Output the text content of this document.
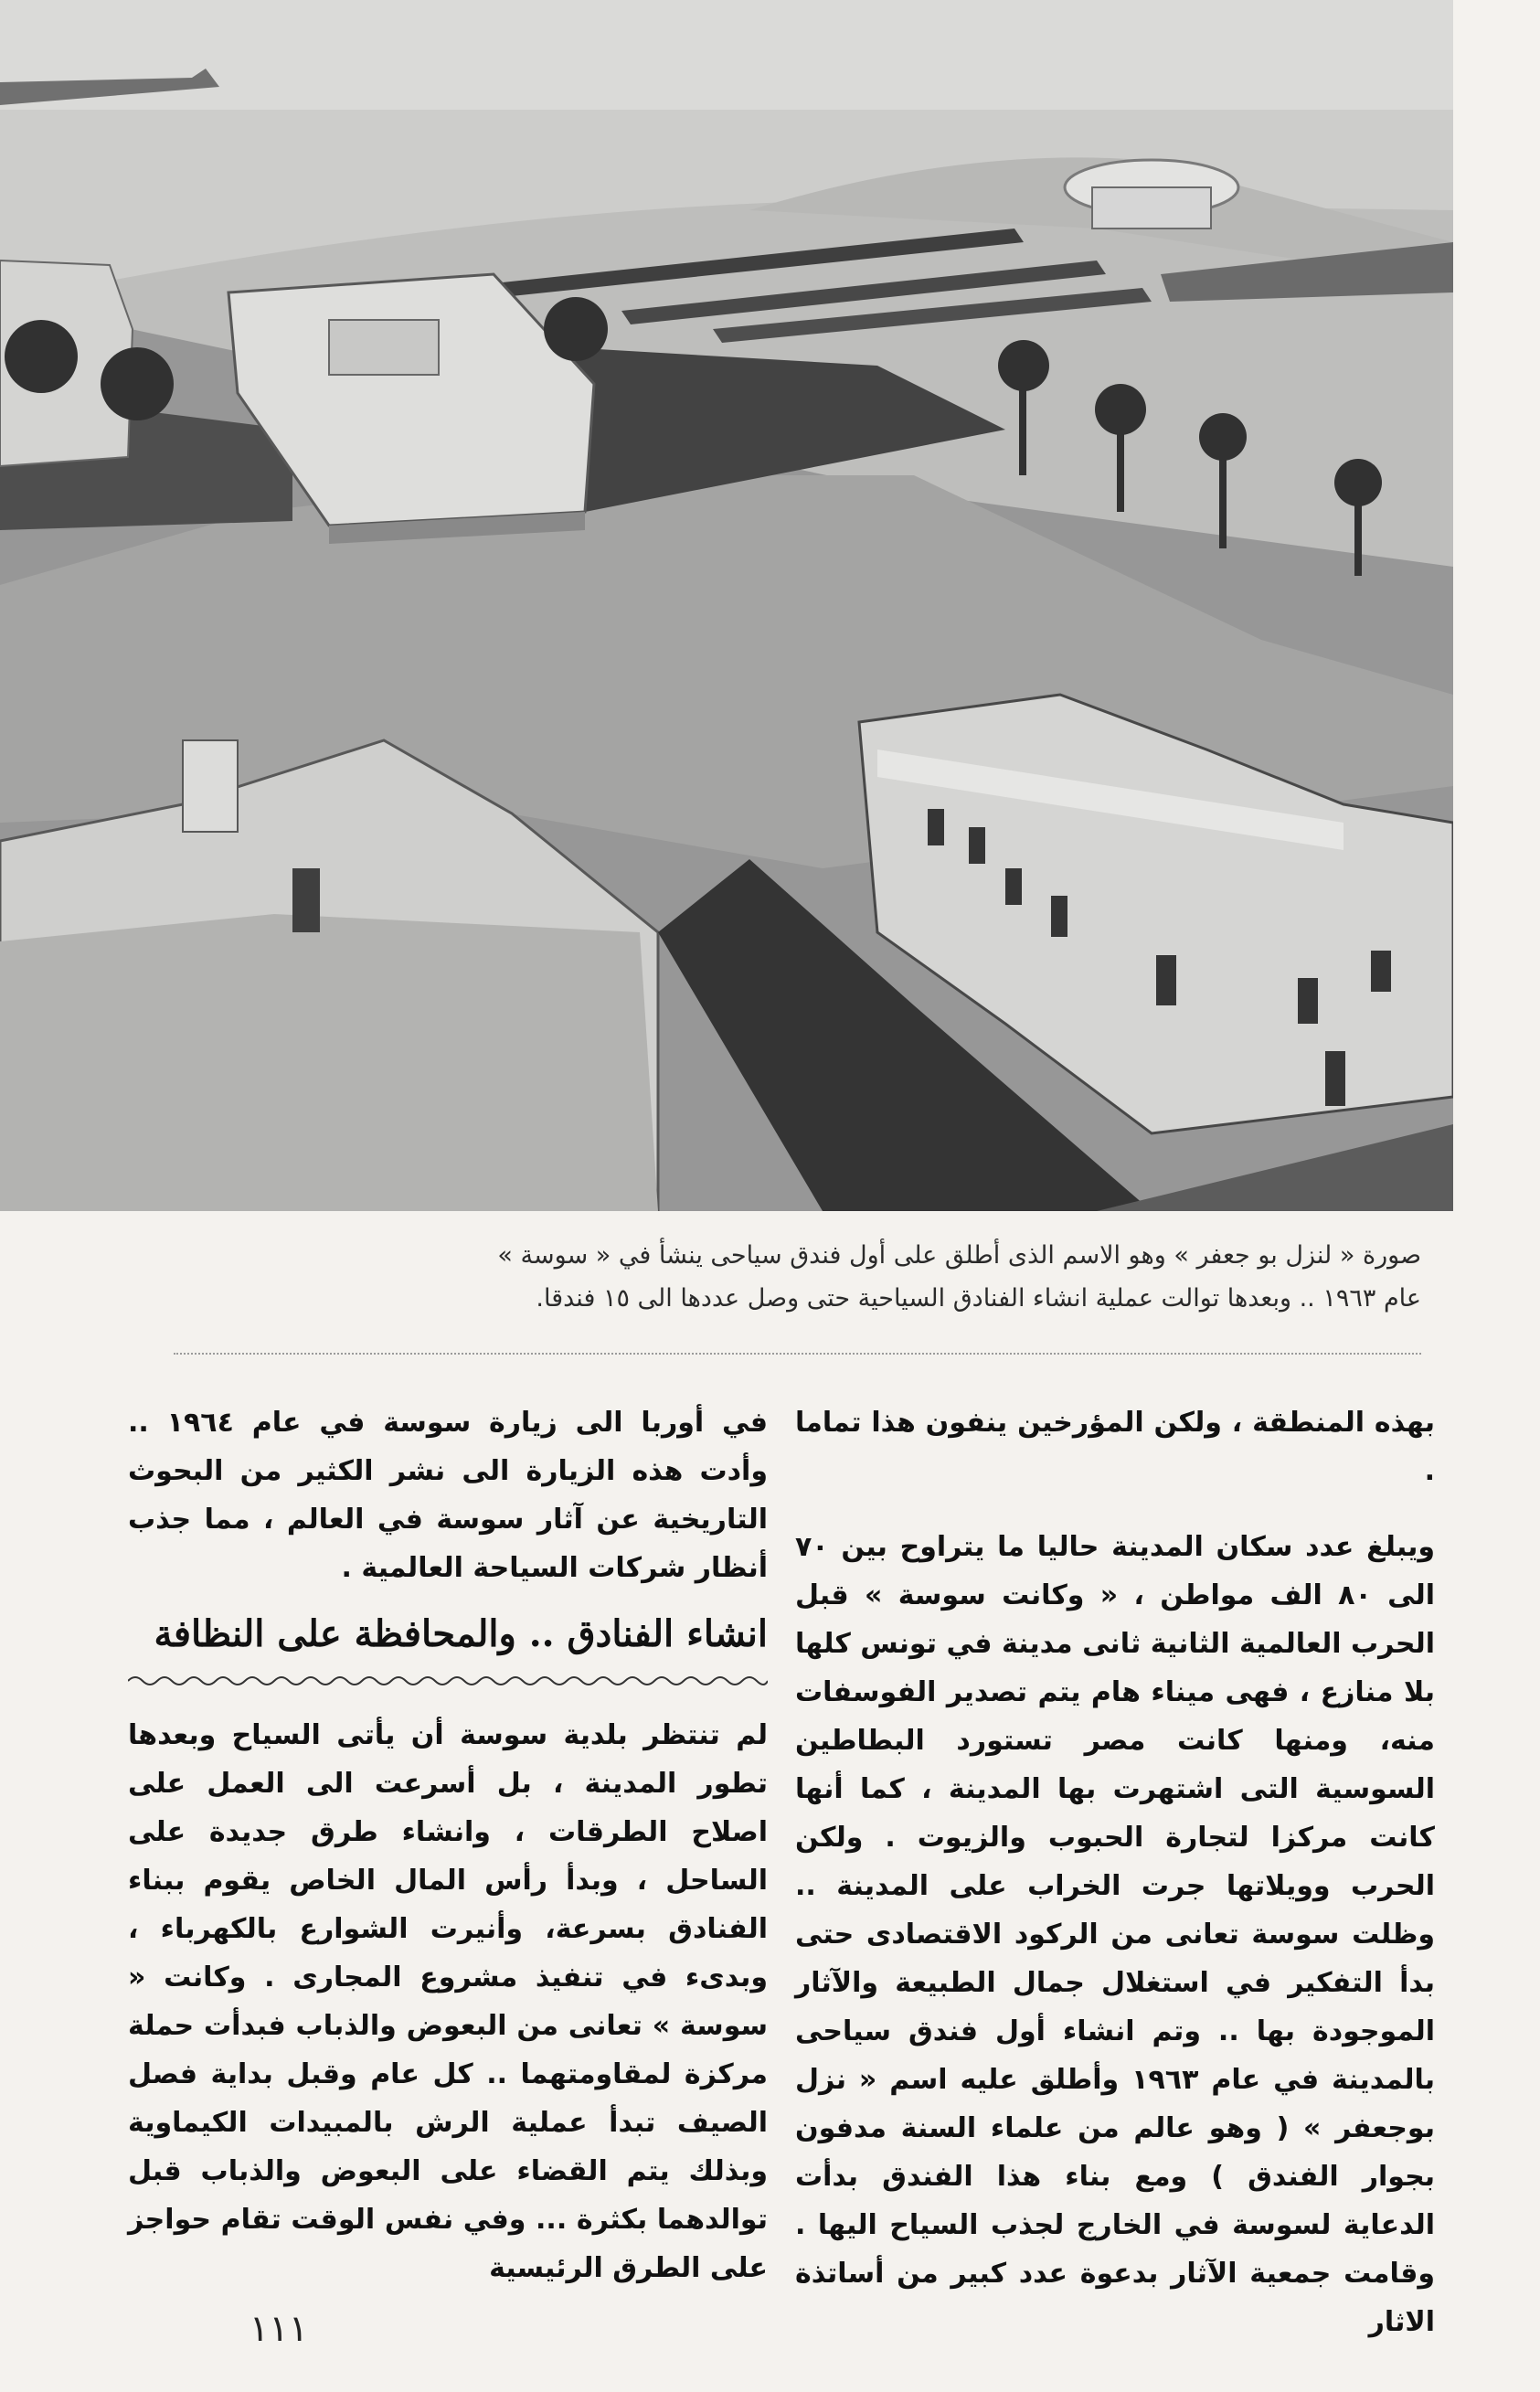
صورة « لنزل بو جعفر » وهو الاسم الذى أطلق على أول فندق سياحى ينشأ في « سوسة »
عام ١٩٦٣ .. وبعدها توالت عملية انشاء الفنادق السياحية حتى وصل عددها الى ١٥ فندقا.

بهذه المنطقة ، ولكن المؤرخين ينفون هذا تماما .

ويبلغ عدد سكان المدينة حاليا ما يتراوح بين ٧٠ الى ٨٠ الف مواطن ، « وكانت سوسة » قبل الحرب العالمية الثانية ثانى مدينة في تونس كلها بلا منازع ، فهى ميناء هام يتم تصدير الفوسفات منه، ومنها كانت مصر تستورد البطاطين السوسية التى اشتهرت بها المدينة ، كما أنها كانت مركزا لتجارة الحبوب والزيوت . ولكن الحرب وويلاتها جرت الخراب على المدينة .. وظلت سوسة تعانى من الركود الاقتصادى حتى بدأ التفكير في استغلال جمال الطبيعة والآثار الموجودة بها .. وتم انشاء أول فندق سياحى بالمدينة في عام ١٩٦٣ وأطلق عليه اسم « نزل بوجعفر » ( وهو عالم من علماء السنة مدفون بجوار الفندق ) ومع بناء هذا الفندق بدأت الدعاية لسوسة في الخارج لجذب السياح اليها . وقامت جمعية الآثار بدعوة عدد كبير من أساتذة الاثار

في أوربا الى زيارة سوسة في عام ١٩٦٤ .. وأدت هذه الزيارة الى نشر الكثير من البحوث التاريخية عن آثار سوسة في العالم ، مما جذب أنظار شركات السياحة العالمية .

انشاء الفنادق .. والمحافظة على النظافة

لم تنتظر بلدية سوسة أن يأتى السياح وبعدها تطور المدينة ، بل أسرعت الى العمل على اصلاح الطرقات ، وانشاء طرق جديدة على الساحل ، وبدأ رأس المال الخاص يقوم ببناء الفنادق بسرعة، وأنيرت الشوارع بالكهرباء ، وبدىء في تنفيذ مشروع المجارى . وكانت « سوسة » تعانى من البعوض والذباب فبدأت حملة مركزة لمقاومتهما .. كل عام وقبل بداية فصل الصيف تبدأ عملية الرش بالمبيدات الكيماوية وبذلك يتم القضاء على البعوض والذباب قبل توالدهما بكثرة ... وفي نفس الوقت تقام حواجز على الطرق الرئيسية

١١١
